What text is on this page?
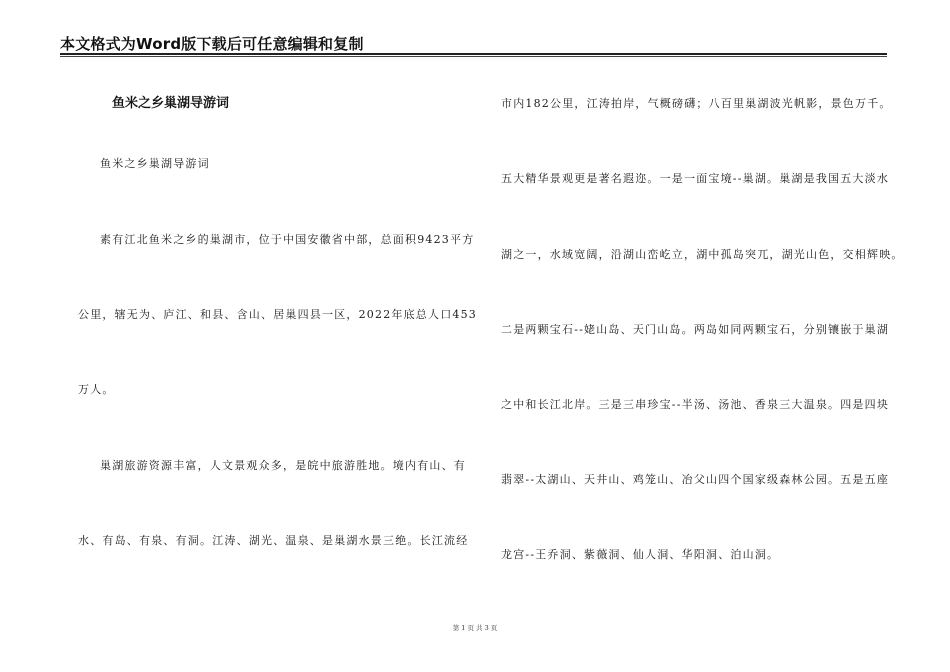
本文格式为Word版下载后可任意编辑和复制
鱼米之乡巢湖导游词
鱼米之乡巢湖导游词
素有江北鱼米之乡的巢湖市，位于中国安徽省中部，总面积9423平方
公里，辖无为、庐江、和县、含山、居巢四县一区，2022年底总人口453
万人。
巢湖旅游资源丰富，人文景观众多，是皖中旅游胜地。境内有山、有
水、有岛、有泉、有洞。江涛、湖光、温泉、是巢湖水景三绝。长江流经
市内182公里，江涛拍岸，气概磅礴；八百里巢湖波光帆影，景色万千。
五大精华景观更是著名遐迩。一是一面宝境--巢湖。巢湖是我国五大淡水
湖之一，水域宽阔，沿湖山峦屹立，湖中孤岛突兀，湖光山色，交相辉映。
二是两颗宝石--姥山岛、天门山岛。两岛如同两颗宝石，分别镶嵌于巢湖
之中和长江北岸。三是三串珍宝--半汤、汤池、香泉三大温泉。四是四块
翡翠--太湖山、天井山、鸡笼山、冶父山四个国家级森林公园。五是五座
龙宫--王乔洞、紫薇洞、仙人洞、华阳洞、泊山洞。
第 1 页 共 3 页
